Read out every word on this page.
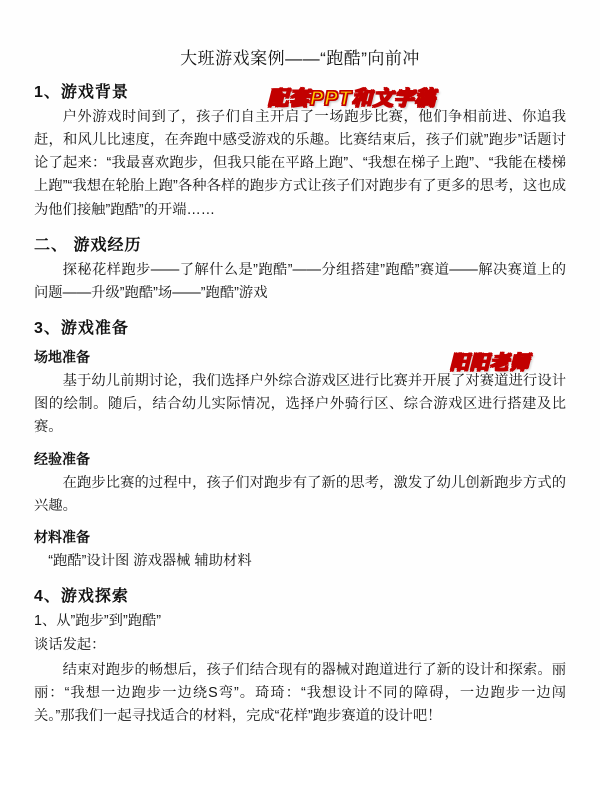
大班游戏案例——“跑酷”向前冲
1、游戏背景

户外游戏时间到了，孩子们自主开启了一场跑步比赛，他们争相前进、你追我赶，和风儿比速度，在奔跑中感受游戏的乐趣。比赛结束后，孩子们就”跑步”话题讨论了起来：“我最喜欢跑步，但我只能在平路上跑”、“我想在梯子上跑”、“我能在楼梯上跑”“我想在轮胎上跑”各种各样的跑步方式让孩子们对跑步有了更多的思考，这也成为他们接触”跑酷”的开端……

二、 游戏经历

探秘花样跑步——了解什么是”跑酷”——分组搭建”跑酷”赛道——解决赛道上的问题——升级”跑酷”场——”跑酷”游戏

3、游戏准备
场地准备

基于幼儿前期讨论，我们选择户外综合游戏区进行比赛并开展了对赛道进行设计图的绘制。随后，结合幼儿实际情况，选择户外骑行区、综合游戏区进行搭建及比赛。

经验准备

在跑步比赛的过程中，孩子们对跑步有了新的思考，激发了幼儿创新跑步方式的兴趣。

材料准备

“跑酷”设计图 游戏器械 辅助材料

4、游戏探索
1、从”跑步”到”跑酷”
谈话发起：

结束对跑步的畅想后，孩子们结合现有的器械对跑道进行了新的设计和探索。丽丽：“我想一边跑步一边绕S弯”。琦琦：“我想设计不同的障碍，一边跑步一边闯关。”那我们一起寻找适合的材料，完成“花样”跑步赛道的设计吧！

配套PPT和文字稿
阳阳老师
